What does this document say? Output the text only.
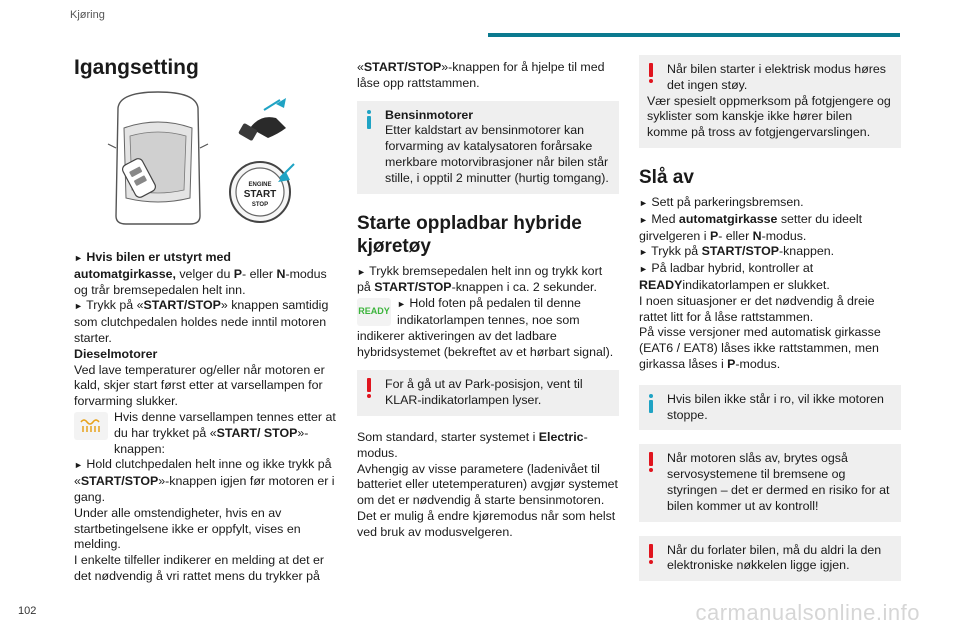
Kjøring
Igangsetting
ENGINE
START
STOP

► Hvis bilen er utstyrt med automatgirkasse, velger du P- eller N-modus og trår bremsepedalen helt inn.

► Trykk på «START/STOP» knappen samtidig som clutchpedalen holdes nede inntil motoren starter.

Dieselmotorer

Ved lave temperaturer og/eller når motoren er kald, skjer start først etter at varsellampen for forvarming slukker.

Hvis denne varsellampen tennes etter at du har trykket på «START/ STOP»-knappen:

► Hold clutchpedalen helt inne og ikke trykk på «START/STOP»-knappen igjen før motoren er i gang.

Under alle omstendigheter, hvis en av startbetingelsene ikke er oppfylt, vises en melding.

I enkelte tilfeller indikerer en melding at det er det nødvendig å vri rattet mens du trykker på

«START/STOP»-knappen for å hjelpe til med låse opp rattstammen.

Bensinmotorer

Etter kaldstart av bensinmotorer kan forvarming av katalysatoren forårsake merkbare motorvibrasjoner når bilen står stille, i opptil 2 minutter (hurtig tomgang).

Starte oppladbar hybride kjøretøy

► Trykk bremsepedalen helt inn og trykk kort på START/STOP-knappen i ca. 2 sekunder.

READY
► Hold foten på pedalen til denne indikatorlampen tennes, noe som indikerer aktiveringen av det ladbare hybridsystemet (bekreftet av et hørbart signal).
For å gå ut av Park-posisjon, vent til KLAR-indikatorlampen lyser.

Som standard, starter systemet i Electric-modus.

Avhengig av visse parametere (ladenivået til batteriet eller utetemperaturen) avgjør systemet om det er nødvendig å starte bensinmotoren.

Det er mulig å endre kjøremodus når som helst ved bruk av modusvelgeren.

Når bilen starter i elektrisk modus høres det ingen støy.

Vær spesielt oppmerksom på fotgjengere og syklister som kanskje ikke hører bilen komme på tross av fotgjengervarslingen.

Slå av

► Sett på parkeringsbremsen.

► Med automatgirkasse setter du ideelt girvelgeren i P- eller N-modus.

► Trykk på START/STOP-knappen.

► På ladbar hybrid, kontroller at READYindikatorlampen er slukket.

I noen situasjoner er det nødvendig å dreie rattet litt for å låse rattstammen.

På visse versjoner med automatisk girkasse (EAT6 / EAT8) låses ikke rattstammen, men girkassa låses i P-modus.

Hvis bilen ikke står i ro, vil ikke motoren stoppe.
Når motoren slås av, brytes også servosystemene til bremsene og styringen – det er dermed en risiko for at bilen kommer ut av kontroll!
Når du forlater bilen, må du aldri la den elektroniske nøkkelen ligge igjen.
102	carmanualsonline.info
